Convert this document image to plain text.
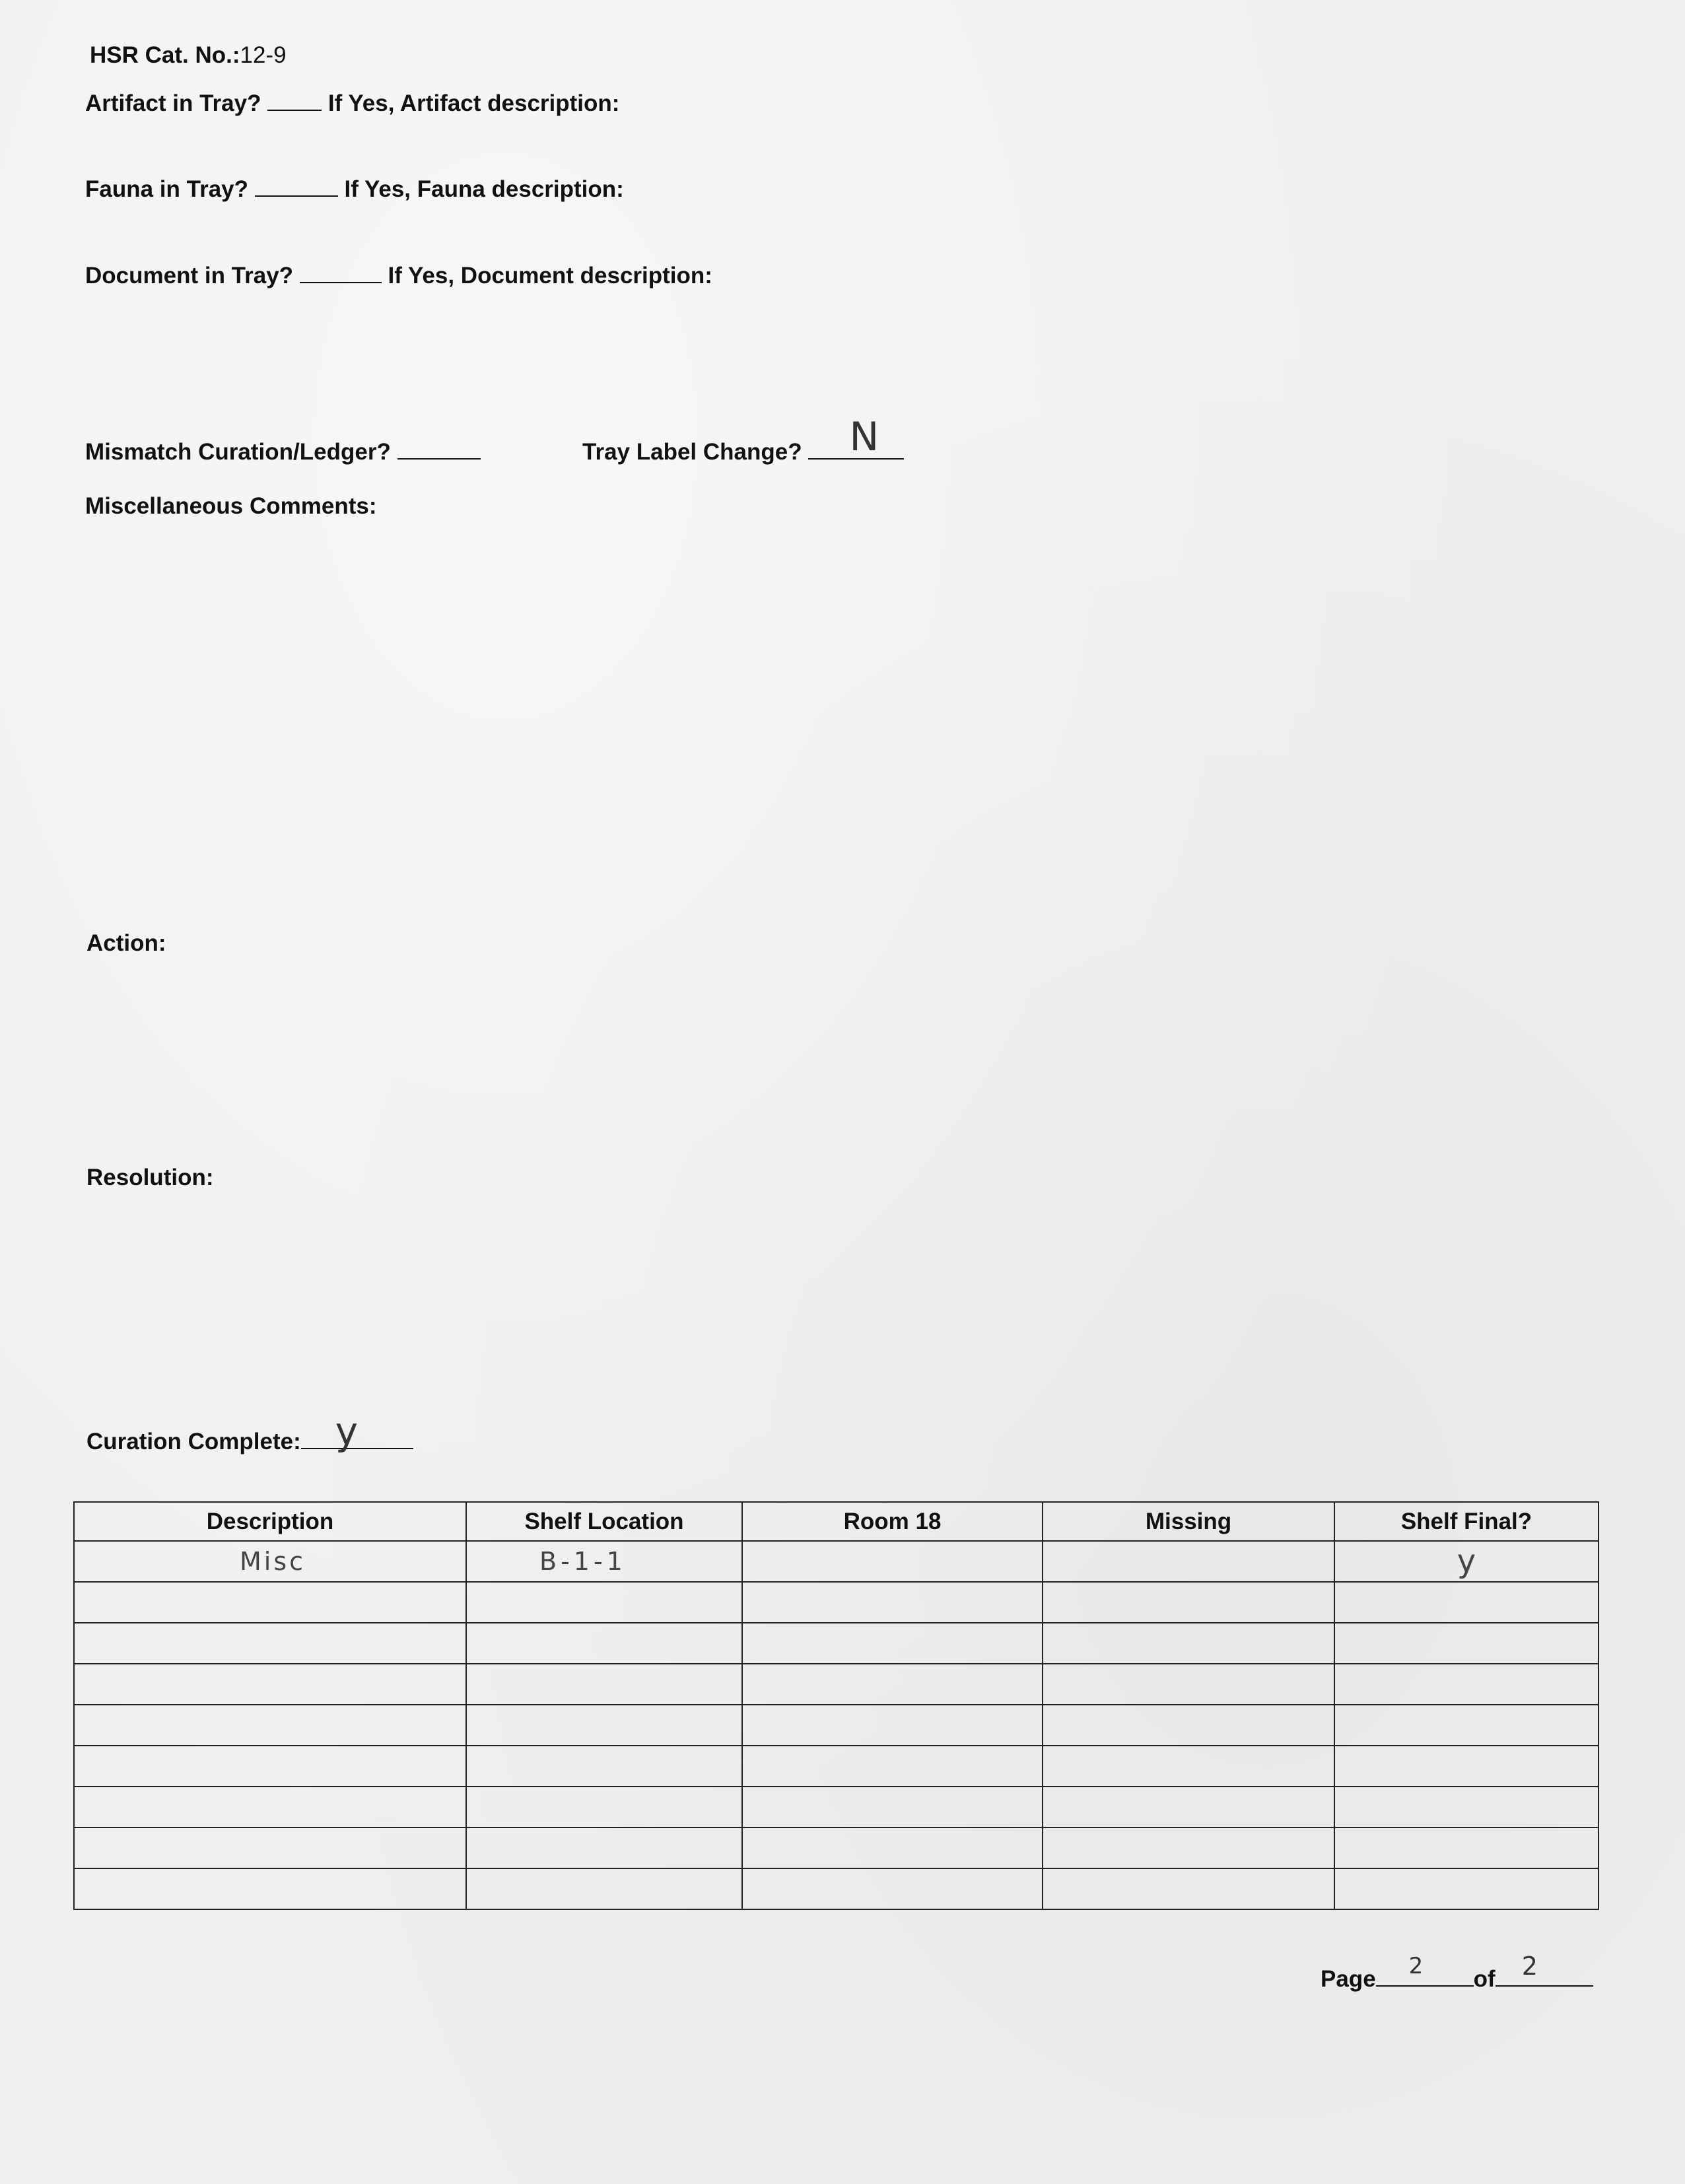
HSR Cat. No.:12-9
Artifact in Tray?	If Yes, Artifact description:
Fauna in Tray?	If Yes, Fauna description:
Document in Tray?	If Yes, Document description:
Mismatch Curation/Ledger?	Tray Label Change? N
Miscellaneous Comments:
Action:
Resolution:
Curation Complete: y
Description	Shelf Location	Room 18	Missing	Shelf Final?
Misc	B-1-1			y

Page 2 of 2
